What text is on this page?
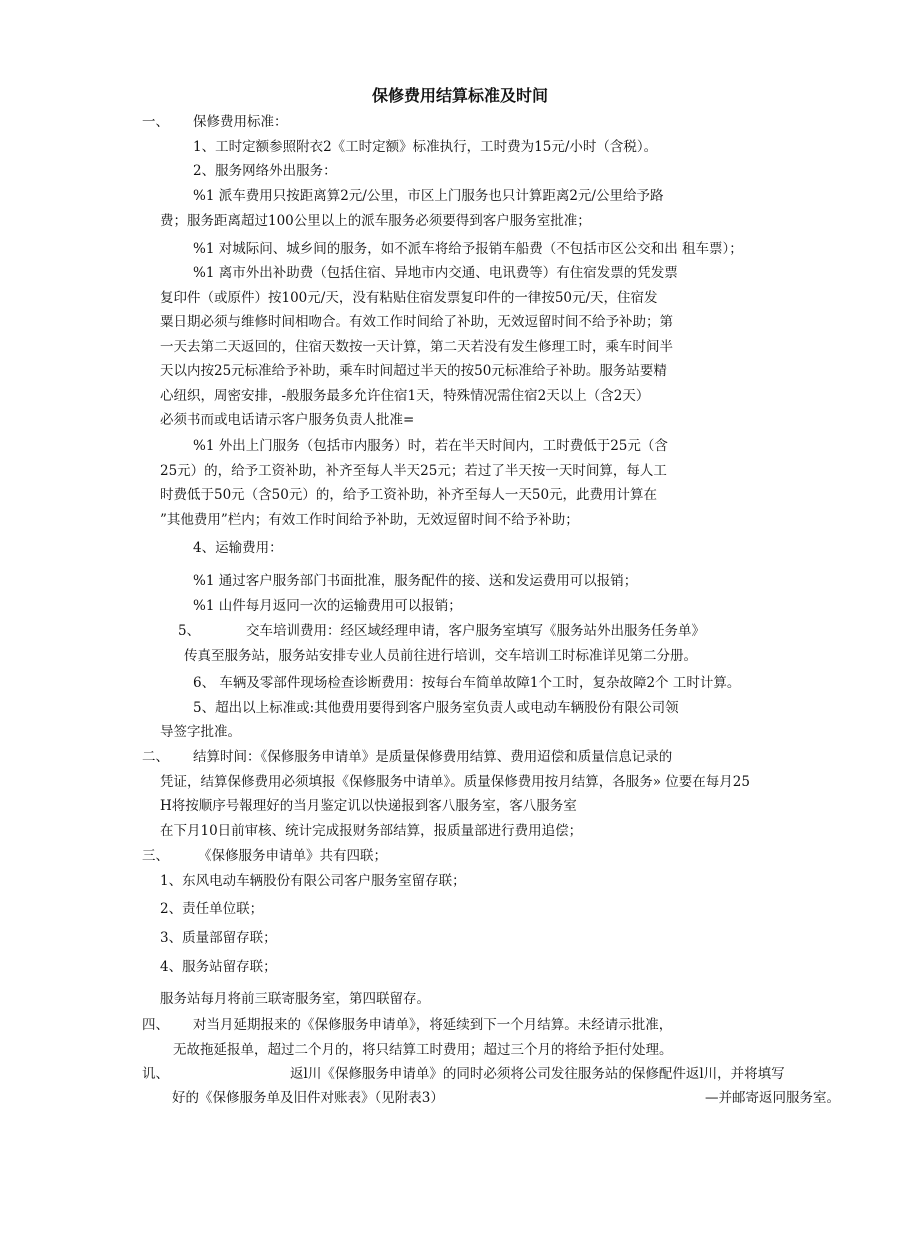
保修费用结算标准及时间
一、 保修费用标准：
1、工时定额参照附衣2《工时定额》标准执行，工时费为15元/小时（含税）。
2、服务网络外出服务：
%1 派车费用只按距离算2元/公里，市区上门服务也只计算距离2元/公里给予路
费；服务距离超过100公里以上的派车服务必须要得到客户服务室批准；
%1 对城际问、城乡间的服务，如不派车将给予报销车船费（不包括市区公交和出 租车票）；
%1 离市外出补助费（包括住宿、异地市内交通、电讯费等）有住宿发票的凭发票
复印件（或原件）按100元/天，没有粘贴住宿发票复印件的一律按50元/天，住宿发
粟日期必须与维修时间相吻合。有效工作时间给了补助，无效逗留时间不给予补助；第
一天去第二天返回的，住宿天数按一天计算，第二天若没有发生修理工时，乘车时间半
天以内按25元标准给予补助，乘车时间超过半天的按50元标准给子补助。服务站要精
心纽织，周密安排，-般服务最多允许住宿1天，特殊情况需住宿2天以上（含2天）
必须书而或电话请示客户服务负责人批准=
%1 外出上门服务（包括市内服务）时，若在半天时间内，工时费低于25元（含
25元）的，给予工资补助，补齐至每人半天25元；若过了半天按一天时间算，每人工
时费低于50元（含50元）的，给予工资补助，补齐至每人一天50元，此费用计算在
”其他费用”栏内；有效工作时间给予补助，无效逗留时间不给予补助；
4、运输费用：
%1 通过客户服务部门书面批准，服务配件的接、送和发运费用可以报销；
%1 山件每月返冋一次的运输费用可以报销；
5、	交车培训费用：经区域经理申请，客户服务室填写《服务站外出服务任务单》
传真至服务站，服务站安排专业人员前往进行培训，交车培训工时标准详见第二分册。
6、 车辆及零部件现场检查诊断费用：按每台车简单故障1个工时，复杂故障2个 工时计算。
5、超出以上标准或:其他费用要得到客户服务室负责人或电动车辆股份有限公司领
导签字批准。
二、 结算时间：《保修服务申请单》是质量保修费用结算、费用迢偿和质量信息记录的
凭证，结算保修费用必须填报《保修服务中请单》。质量保修费用按月结算，各服务» 位要在每月25
H将按顺序号報理好的当月鉴定讥以快递报到客八服务室，客八服务室
在下月10日前审核、统计完成报财务部结算，报质量部进行费用追偿；
三、 《保修服务申请单》共有四联；
1、东风电动车辆股份有限公司客户服务室留存联；
2、责任单位联；
3、质量部留存联；
4、服务站留存联；
服务站每月将前三联寄服务室，第四联留存。
四、 对当月延期报来的《保修服务申请单》，将延续到下一个月结算。未经请示批准，
无故拖延报单，超过二个月的，将只结算工时费用；超过三个月的将给予拒付处理。
讥、	返l川《保修服务申请单》的同时必须将公司发往服务站的保修配件返l川，并将填写
好的《保修服务单及旧件对账表》（见附表3）	—并邮寄返冋服务室。
